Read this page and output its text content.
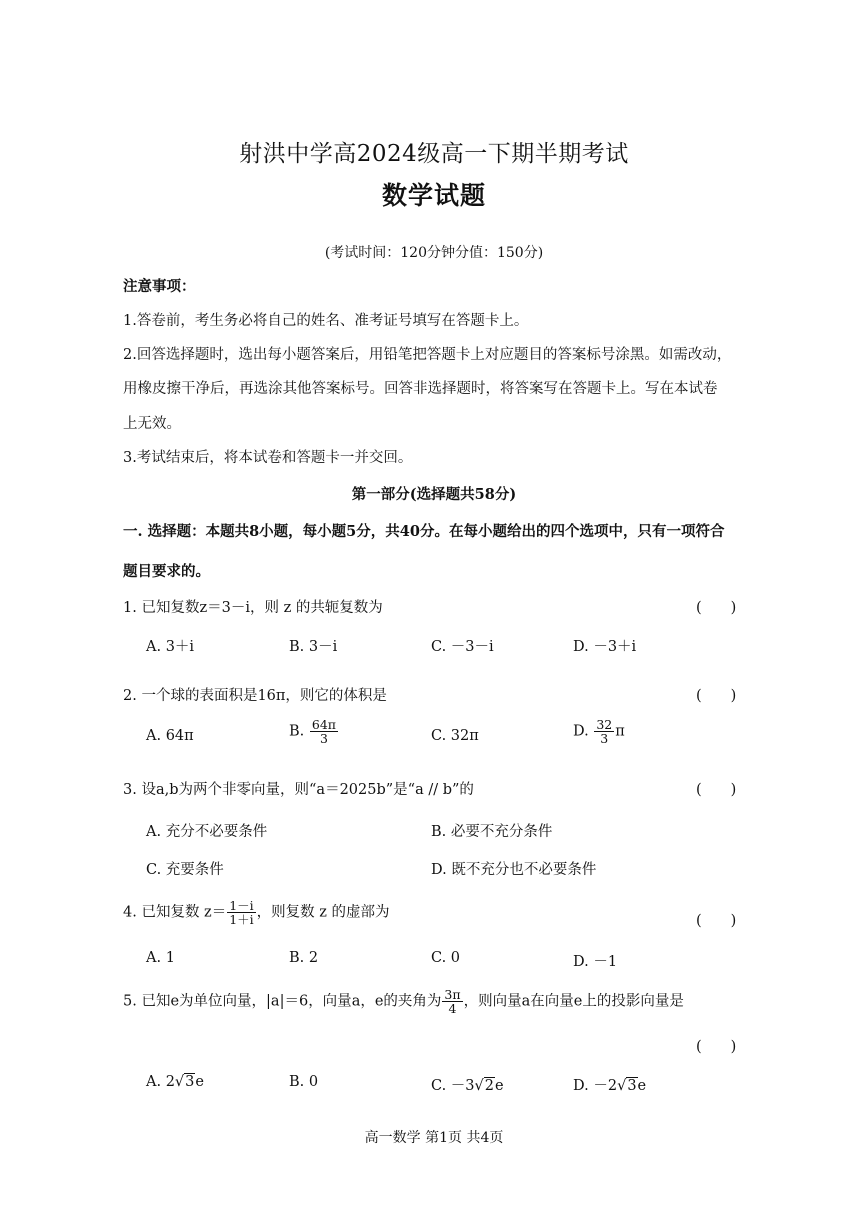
射洪中学高2024级高一下期半期考试
数学试题
(考试时间：120分钟分值：150分)
注意事项：
1.答卷前，考生务必将自己的姓名、准考证号填写在答题卡上。
2.回答选择题时，选出每小题答案后，用铅笔把答题卡上对应题目的答案标号涂黑。如需改动，
用橡皮擦干净后，再选涂其他答案标号。回答非选择题时，将答案写在答题卡上。写在本试卷
上无效。
3.考试结束后，将本试卷和答题卡一并交回。
第一部分(选择题共58分)
一. 选择题：本题共8小题，每小题5分，共40分。在每小题给出的四个选项中，只有一项符合
题目要求的。
1. 已知复数z＝3－i，则 z 的共轭复数为	(　　)
A. 3＋i	B. 3－i	C. －3－i	D. －3＋i
2. 一个球的表面积是16π，则它的体积是	(　　)
A. 64π	B. $\frac{64\pi}{3}$	C. 32π	D. $\frac{32}{3}$ π
3. 设a,b为两个非零向量，则“a＝2025b”是“a // b”的	(　　)
A. 充分不必要条件	B. 必要不充分条件
C. 充要条件	D. 既不充分也不必要条件
4. 已知复数 $z= \frac{1-i}{1+i}$ ，则复数 z 的虚部为
(　　)
A. 1	B. 2	C. 0	D. －1
5. 已知e为单位向量，|a|＝6，向量a，e的夹角为 $\frac{3\pi}{4}$ ，则向量a在向量e上的投影向量是
(　　)
A. 2√3e	B. 0	C. －3√2e	D. －2√3e
高一数学 第1页 共4页
